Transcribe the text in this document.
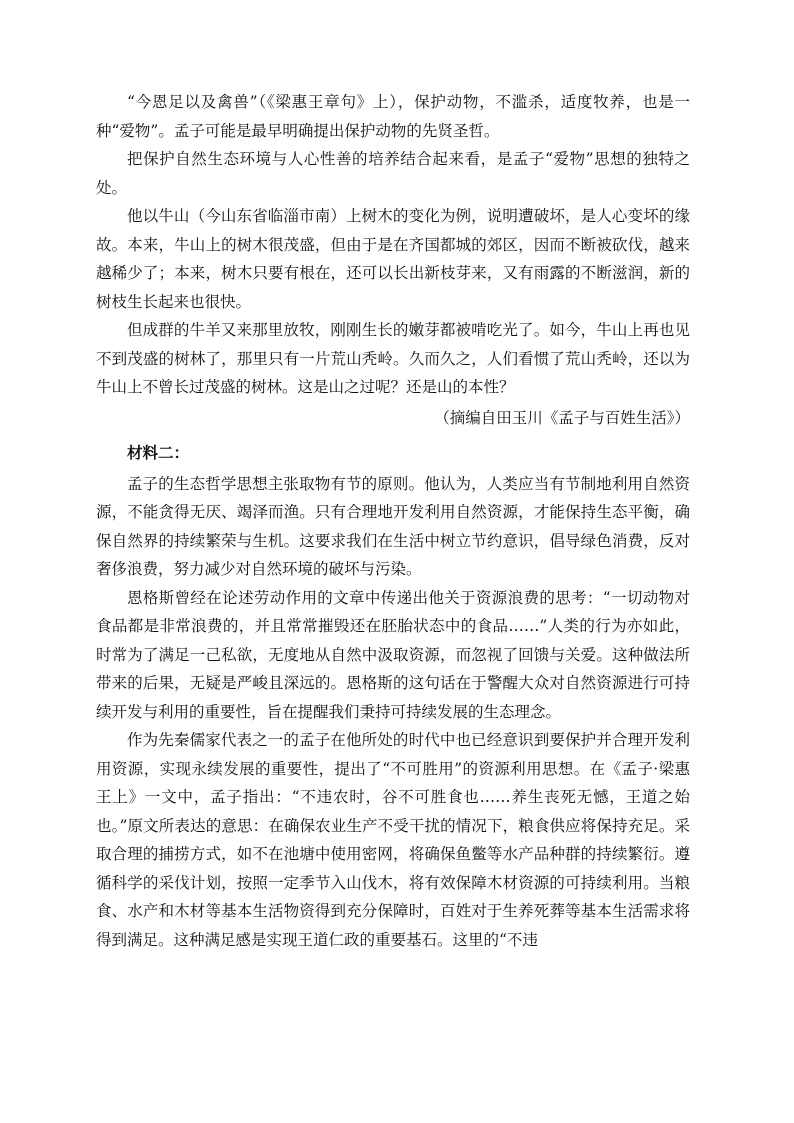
“今恩足以及禽兽”（《梁惠王章句》上），保护动物，不滥杀，适度牧养，也是一种“爱物”。孟子可能是最早明确提出保护动物的先贤圣哲。

把保护自然生态环境与人心性善的培养结合起来看，是孟子“爱物”思想的独特之处。

他以牛山（今山东省临淄市南）上树木的变化为例，说明遭破坏，是人心变坏的缘故。本来，牛山上的树木很茂盛，但由于是在齐国都城的郊区，因而不断被砍伐，越来越稀少了；本来，树木只要有根在，还可以长出新枝芽来，又有雨露的不断滋润，新的树枝生长起来也很快。

但成群的牛羊又来那里放牧，刚刚生长的嫩芽都被啃吃光了。如今，牛山上再也见不到茂盛的树林了，那里只有一片荒山秃岭。久而久之，人们看惯了荒山秃岭，还以为牛山上不曾长过茂盛的树林。这是山之过呢？还是山的本性？

（摘编自田玉川《孟子与百姓生活》）

材料二：

孟子的生态哲学思想主张取物有节的原则。他认为，人类应当有节制地利用自然资源，不能贪得无厌、竭泽而渔。只有合理地开发利用自然资源，才能保持生态平衡，确保自然界的持续繁荣与生机。这要求我们在生活中树立节约意识，倡导绿色消费，反对奢侈浪费，努力减少对自然环境的破坏与污染。

恩格斯曾经在论述劳动作用的文章中传递出他关于资源浪费的思考：“一切动物对食品都是非常浪费的，并且常常摧毁还在胚胎状态中的食品……”人类的行为亦如此，时常为了满足一己私欲，无度地从自然中汲取资源，而忽视了回馈与关爱。这种做法所带来的后果，无疑是严峻且深远的。恩格斯的这句话在于警醒大众对自然资源进行可持续开发与利用的重要性，旨在提醒我们秉持可持续发展的生态理念。

作为先秦儒家代表之一的孟子在他所处的时代中也已经意识到要保护并合理开发利用资源，实现永续发展的重要性，提出了“不可胜用”的资源利用思想。在《孟子·梁惠王上》一文中，孟子指出：“不违农时，谷不可胜食也……养生丧死无憾，王道之始也。”原文所表达的意思：在确保农业生产不受干扰的情况下，粮食供应将保持充足。采取合理的捕捞方式，如不在池塘中使用密网，将确保鱼鳖等水产品种群的持续繁衍。遵循科学的采伐计划，按照一定季节入山伐木，将有效保障木材资源的可持续利用。当粮食、水产和木材等基本生活物资得到充分保障时，百姓对于生养死葬等基本生活需求将得到满足。这种满足感是实现王道仁政的重要基石。这里的“不违
